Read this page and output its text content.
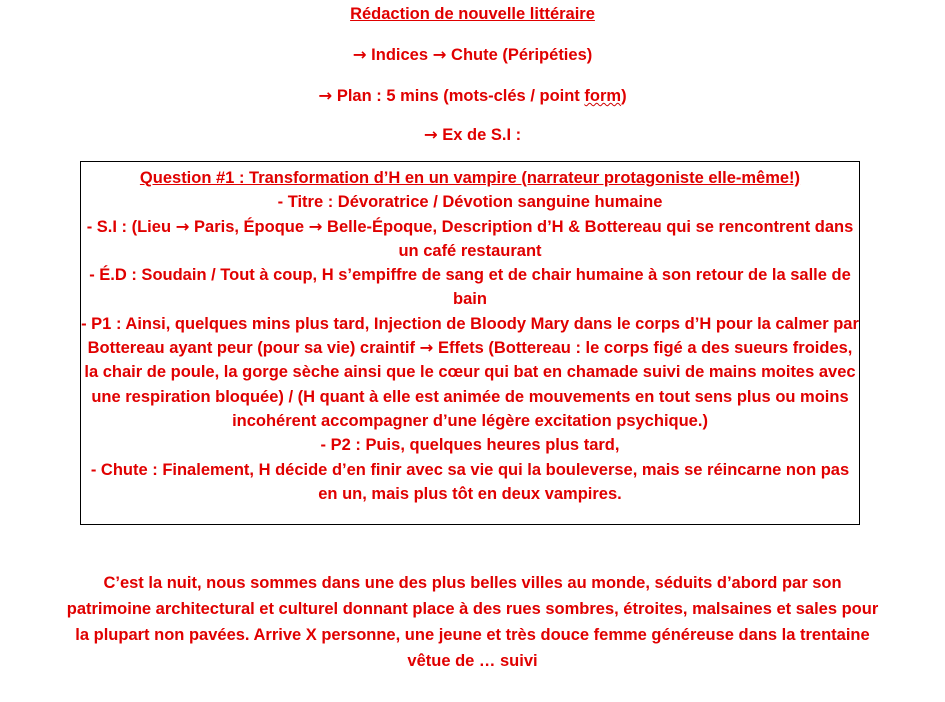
Rédaction de nouvelle littéraire
→ Indices → Chute (Péripéties)
→ Plan : 5 mins (mots-clés / point form)
→ Ex de S.I :

Question #1 : Transformation d’H en un vampire (narrateur protagoniste elle-même!)

- Titre : Dévoratrice / Dévotion sanguine humaine

- S.I : (Lieu → Paris, Époque → Belle-Époque, Description d’H & Bottereau qui se rencontrent dans un café restaurant

- É.D : Soudain / Tout à coup, H s’empiffre de sang et de chair humaine à son retour de la salle de bain

- P1 : Ainsi, quelques mins plus tard, Injection de Bloody Mary dans le corps d’H pour la calmer par Bottereau ayant peur (pour sa vie) craintif → Effets (Bottereau : le corps figé a des sueurs froides, la chair de poule, la gorge sèche ainsi que le cœur qui bat en chamade suivi de mains moites avec une respiration bloquée) / (H quant à elle est animée de mouvements en tout sens plus ou moins incohérent accompagner d’une légère excitation psychique.)

- P2 : Puis, quelques heures plus tard,

- Chute : Finalement, H décide d’en finir avec sa vie qui la bouleverse, mais se réincarne non pas en un, mais plus tôt en deux vampires.

C’est la nuit, nous sommes dans une des plus belles villes au monde, séduits d’abord par son patrimoine architectural et culturel donnant place à des rues sombres, étroites, malsaines et sales pour la plupart non pavées. Arrive X personne, une jeune et très douce femme généreuse dans la trentaine vêtue de … suivi
